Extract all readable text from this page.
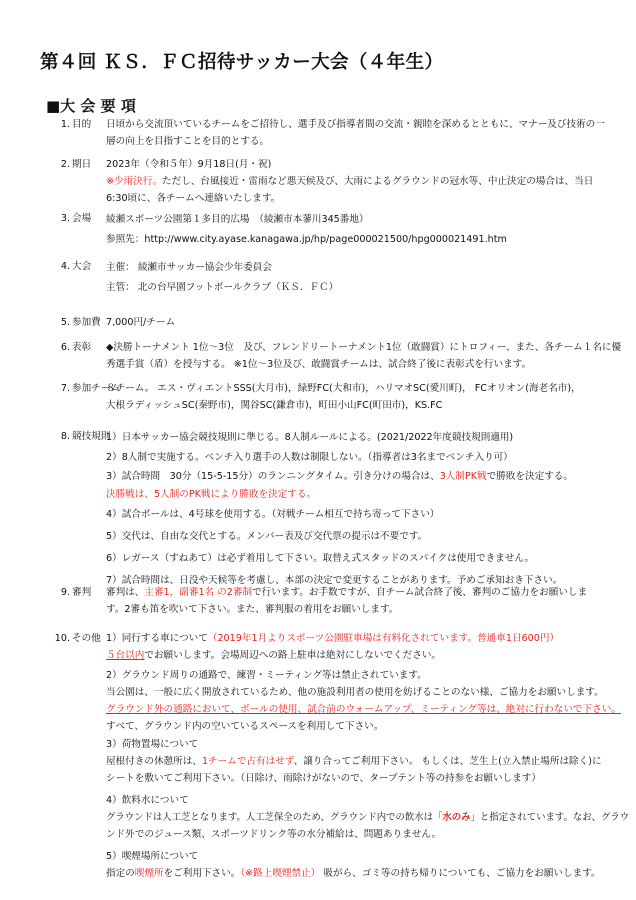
第４回 ＫＳ．ＦＣ招待サッカー大会（４年生）
■大 会 要 項
1. 目的 日頃から交流頂いているチームをご招待し、選手及び指導者間の交流・親睦を深めるとともに、マナー及び技術の一
層の向上を目指すことを目的とする。
2. 期日 2023年（令和５年）9月18日(月・祝)
※少雨決行。ただし、台風接近・雷雨など悪天候及び、大雨によるグラウンドの冠水等、中止決定の場合は、当日
6:30頃に、各チームへ連絡いたします。
3. 会場 綾瀬スポーツ公園第１多目的広場　（綾瀬市本蓼川345番地）
参照先：http://www.city.ayase.kanagawa.jp/hp/page000021500/hpg000021491.htm
4. 大会 主催： 綾瀬市サッカー協会少年委員会
主管： 北の台早園フットボールクラブ（ＫＳ．ＦＣ）
5. 参加費 7,000円/チーム
6. 表彰 ◆決勝トーナメント 1位～3位　及び、フレンドリートーナメント1位（敢闘賞）にトロフィー、また、各チーム１名に優
秀選手賞（盾）を授与する。 ※1位～3位及び、敢闘賞チームは、試合終了後に表彰式を行います。
7. 参加チーム
８チーム。 エス・ヴィエントSSS(大月市)，緑野FC(大和市)，ハリマオSC(愛川町)， FCオリオン(海老名市)，
大根ラディッシュSC(秦野市)，関谷SC(鎌倉市)，町田小山FC(町田市)，KS.FC
8. 競技規則
1）日本サッカー協会競技規則に準じる。8人制ルールによる。(2021/2022年度競技規則適用)
2）8人制で実施する。ベンチ入り選手の人数は制限しない。（指導者は3名までベンチ入り可）
3）試合時間　30分（15-5-15分）のランニングタイム。引き分けの場合は、3人制PK戦で勝敗を決定する。
決勝戦は、5人制のPK戦により勝敗を決定する。
4）試合ボールは、4号球を使用する。（対戦チーム相互で持ち寄って下さい）
5）交代は、自由な交代とする。メンバー表及び交代票の提示は不要です。
6）レガース（すねあて）は必ず着用して下さい。取替え式スタッドのスパイクは使用できません。
7）試合時間は、日没や天候等を考慮し、本部の決定で変更することがあります。予めご承知おき下さい。
9. 審判 審判は、主審1，副審1名 の2審制で行います。お手数ですが、自チーム試合終了後、審判のご協力をお願いしま
す。2審も笛を吹いて下さい。また、審判服の着用をお願いします。
10. その他 1）同行する車について（2019年1月よりスポーツ公園駐車場は有料化されています。普通車1日600円）
５台以内でお願いします。会場周辺への路上駐車は絶対にしないでください。
2）グラウンド周りの通路で、練習・ミーティング等は禁止されています。
当公園は、一般に広く開放されているため、他の施設利用者の使用を妨げることのない様、ご協力をお願いします。
グラウンド外の通路において、ボールの使用、試合前のウォームアップ、ミーティング等は、絶対に行わないで下さい。
すべて、グラウンド内の空いているスペースを利用して下さい。
3）荷物置場について
屋根付きの休憩所は、1チームで占有はせず、譲り合ってご利用下さい。 もしくは、芝生上(立入禁止場所は除く)に
シートを敷いてご利用下さい。（日除け、雨除けがないので、タープテント等の持参をお願いします）
4）飲料水について
グラウンドは人工芝となります。人工芝保全のため、グラウンド内での飲水は「水のみ」と指定されています。なお、グラウ
ンド外でのジュース類、スポーツドリンク等の水分補給は、問題ありません。
5）喫煙場所について
指定の喫煙所をご利用下さい。（※路上喫煙禁止） 吸がら、ゴミ等の持ち帰りについても、ご協力をお願いします。
